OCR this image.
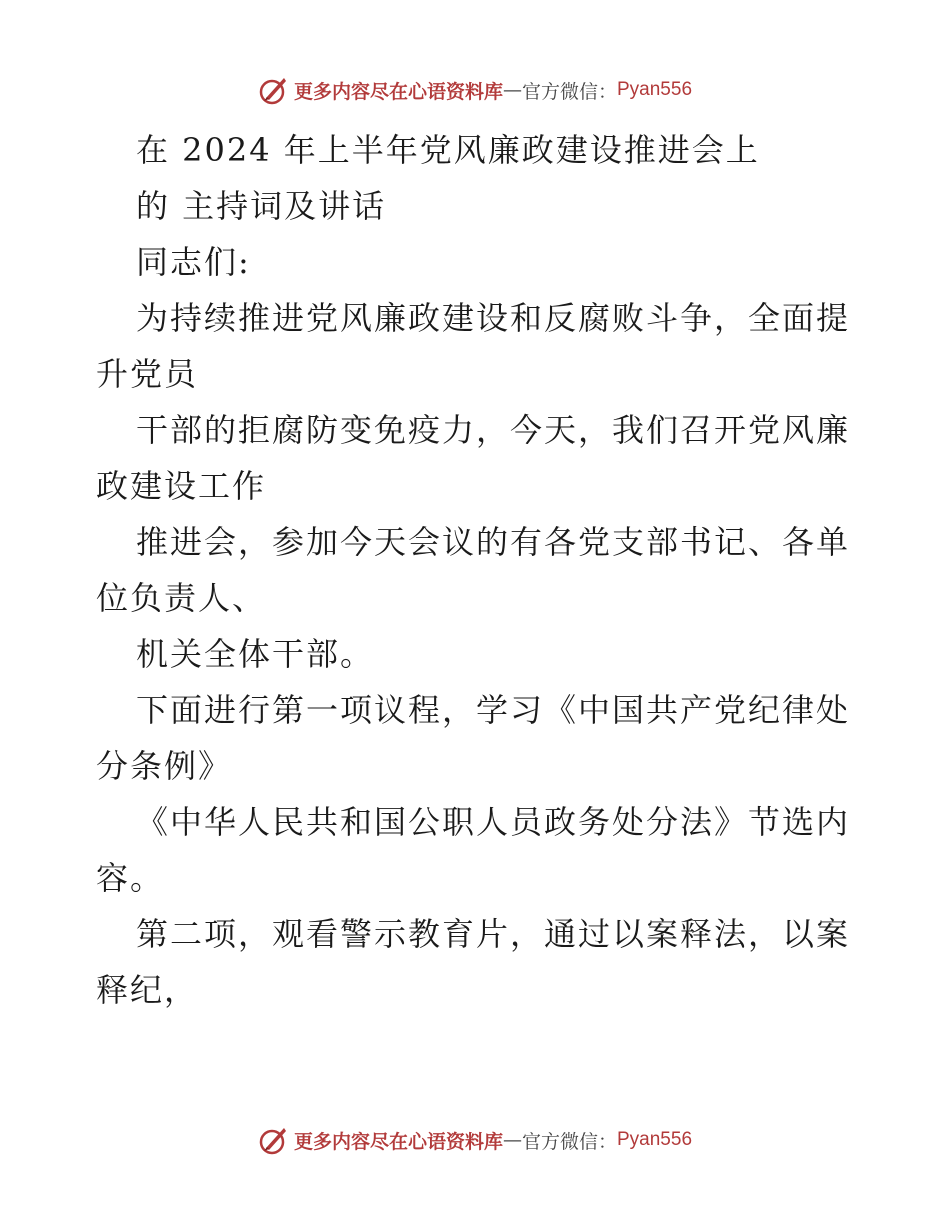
更多内容尽在心语资料库 — 官方微信： Pyan556
在 2024 年上半年党风廉政建设推进会上
的 主持词及讲话
同志们:
为持续推进党风廉政建设和反腐败斗争，全面提
升党员
干部的拒腐防变免疫力，今天，我们召开党风廉
政建设工作
推进会，参加今天会议的有各党支部书记、各单
位负责人、
机关全体干部。
下面进行第一项议程，学习《中国共产党纪律处
分条例》
《中华人民共和国公职人员政务处分法》节选内
容。
第二项，观看警示教育片，通过以案释法，以案
释纪，
更多内容尽在心语资料库 — 官方微信： Pyan556
